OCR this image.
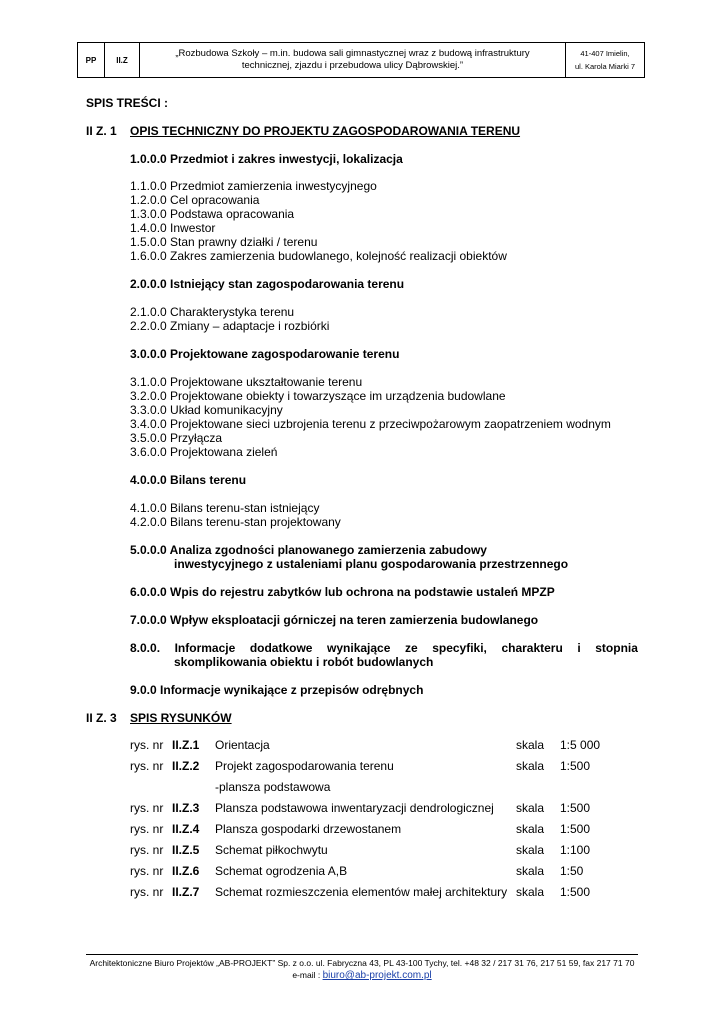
PP	II.Z
„Rozbudowa Szkoły – m.in. budowa sali gimnastycznej wraz z budową infrastruktury
technicznej, zjazdu i przebudowa ulicy Dąbrowskiej.”
41-407 Imielin,
ul. Karola Miarki 7
SPIS TREŚCI :
II Z. 1 OPIS TECHNICZNY DO PROJEKTU ZAGOSPODAROWANIA TERENU
1.0.0.0 Przedmiot i zakres inwestycji, lokalizacja
1.1.0.0 Przedmiot zamierzenia inwestycyjnego
1.2.0.0 Cel opracowania
1.3.0.0 Podstawa opracowania
1.4.0.0 Inwestor
1.5.0.0 Stan prawny działki / terenu
1.6.0.0 Zakres zamierzenia budowlanego, kolejność realizacji obiektów
2.0.0.0 Istniejący stan zagospodarowania terenu
2.1.0.0 Charakterystyka terenu
2.2.0.0 Zmiany – adaptacje i rozbiórki
3.0.0.0 Projektowane zagospodarowanie terenu
3.1.0.0 Projektowane ukształtowanie terenu
3.2.0.0 Projektowane obiekty i towarzyszące im urządzenia budowlane
3.3.0.0 Układ komunikacyjny
3.4.0.0 Projektowane sieci uzbrojenia terenu z przeciwpożarowym zaopatrzeniem wodnym
3.5.0.0 Przyłącza
3.6.0.0 Projektowana zieleń
4.0.0.0 Bilans terenu
4.1.0.0 Bilans terenu-stan istniejący
4.2.0.0 Bilans terenu-stan projektowany
5.0.0.0 Analiza zgodności planowanego zamierzenia zabudowy
inwestycyjnego z ustaleniami planu gospodarowania przestrzennego
6.0.0.0 Wpis do rejestru zabytków lub ochrona na podstawie ustaleń MPZP
7.0.0.0 Wpływ eksploatacji górniczej na teren zamierzenia budowlanego
8.0.0. Informacje dodatkowe wynikające ze specyfiki, charakteru i stopnia
skomplikowania obiektu i robót budowlanych
9.0.0 Informacje wynikające z przepisów odrębnych
II Z. 3 SPIS RYSUNKÓW
rys. nr II.Z.1 Orientacja	skala 1:5 000
rys. nr II.Z.2 Projekt zagospodarowania terenu	skala 1:500
-plansza podstawowa
rys. nr II.Z.3 Plansza podstawowa inwentaryzacji dendrologicznej skala 1:500
rys. nr II.Z.4 Plansza gospodarki drzewostanem	skala 1:500
rys. nr II.Z.5 Schemat piłkochwytu	skala 1:100
rys. nr II.Z.6 Schemat ogrodzenia A,B	skala 1:50
rys. nr II.Z.7 Schemat rozmieszczenia elementów małej architektury skala 1:500
Architektoniczne Biuro Projektów „AB-PROJEKT” Sp. z o.o. ul. Fabryczna 43, PL 43-100 Tychy, tel. +48 32 / 217 31 76, 217 51 59, fax 217 71 70
e-mail : biuro@ab-projekt.com.pl
